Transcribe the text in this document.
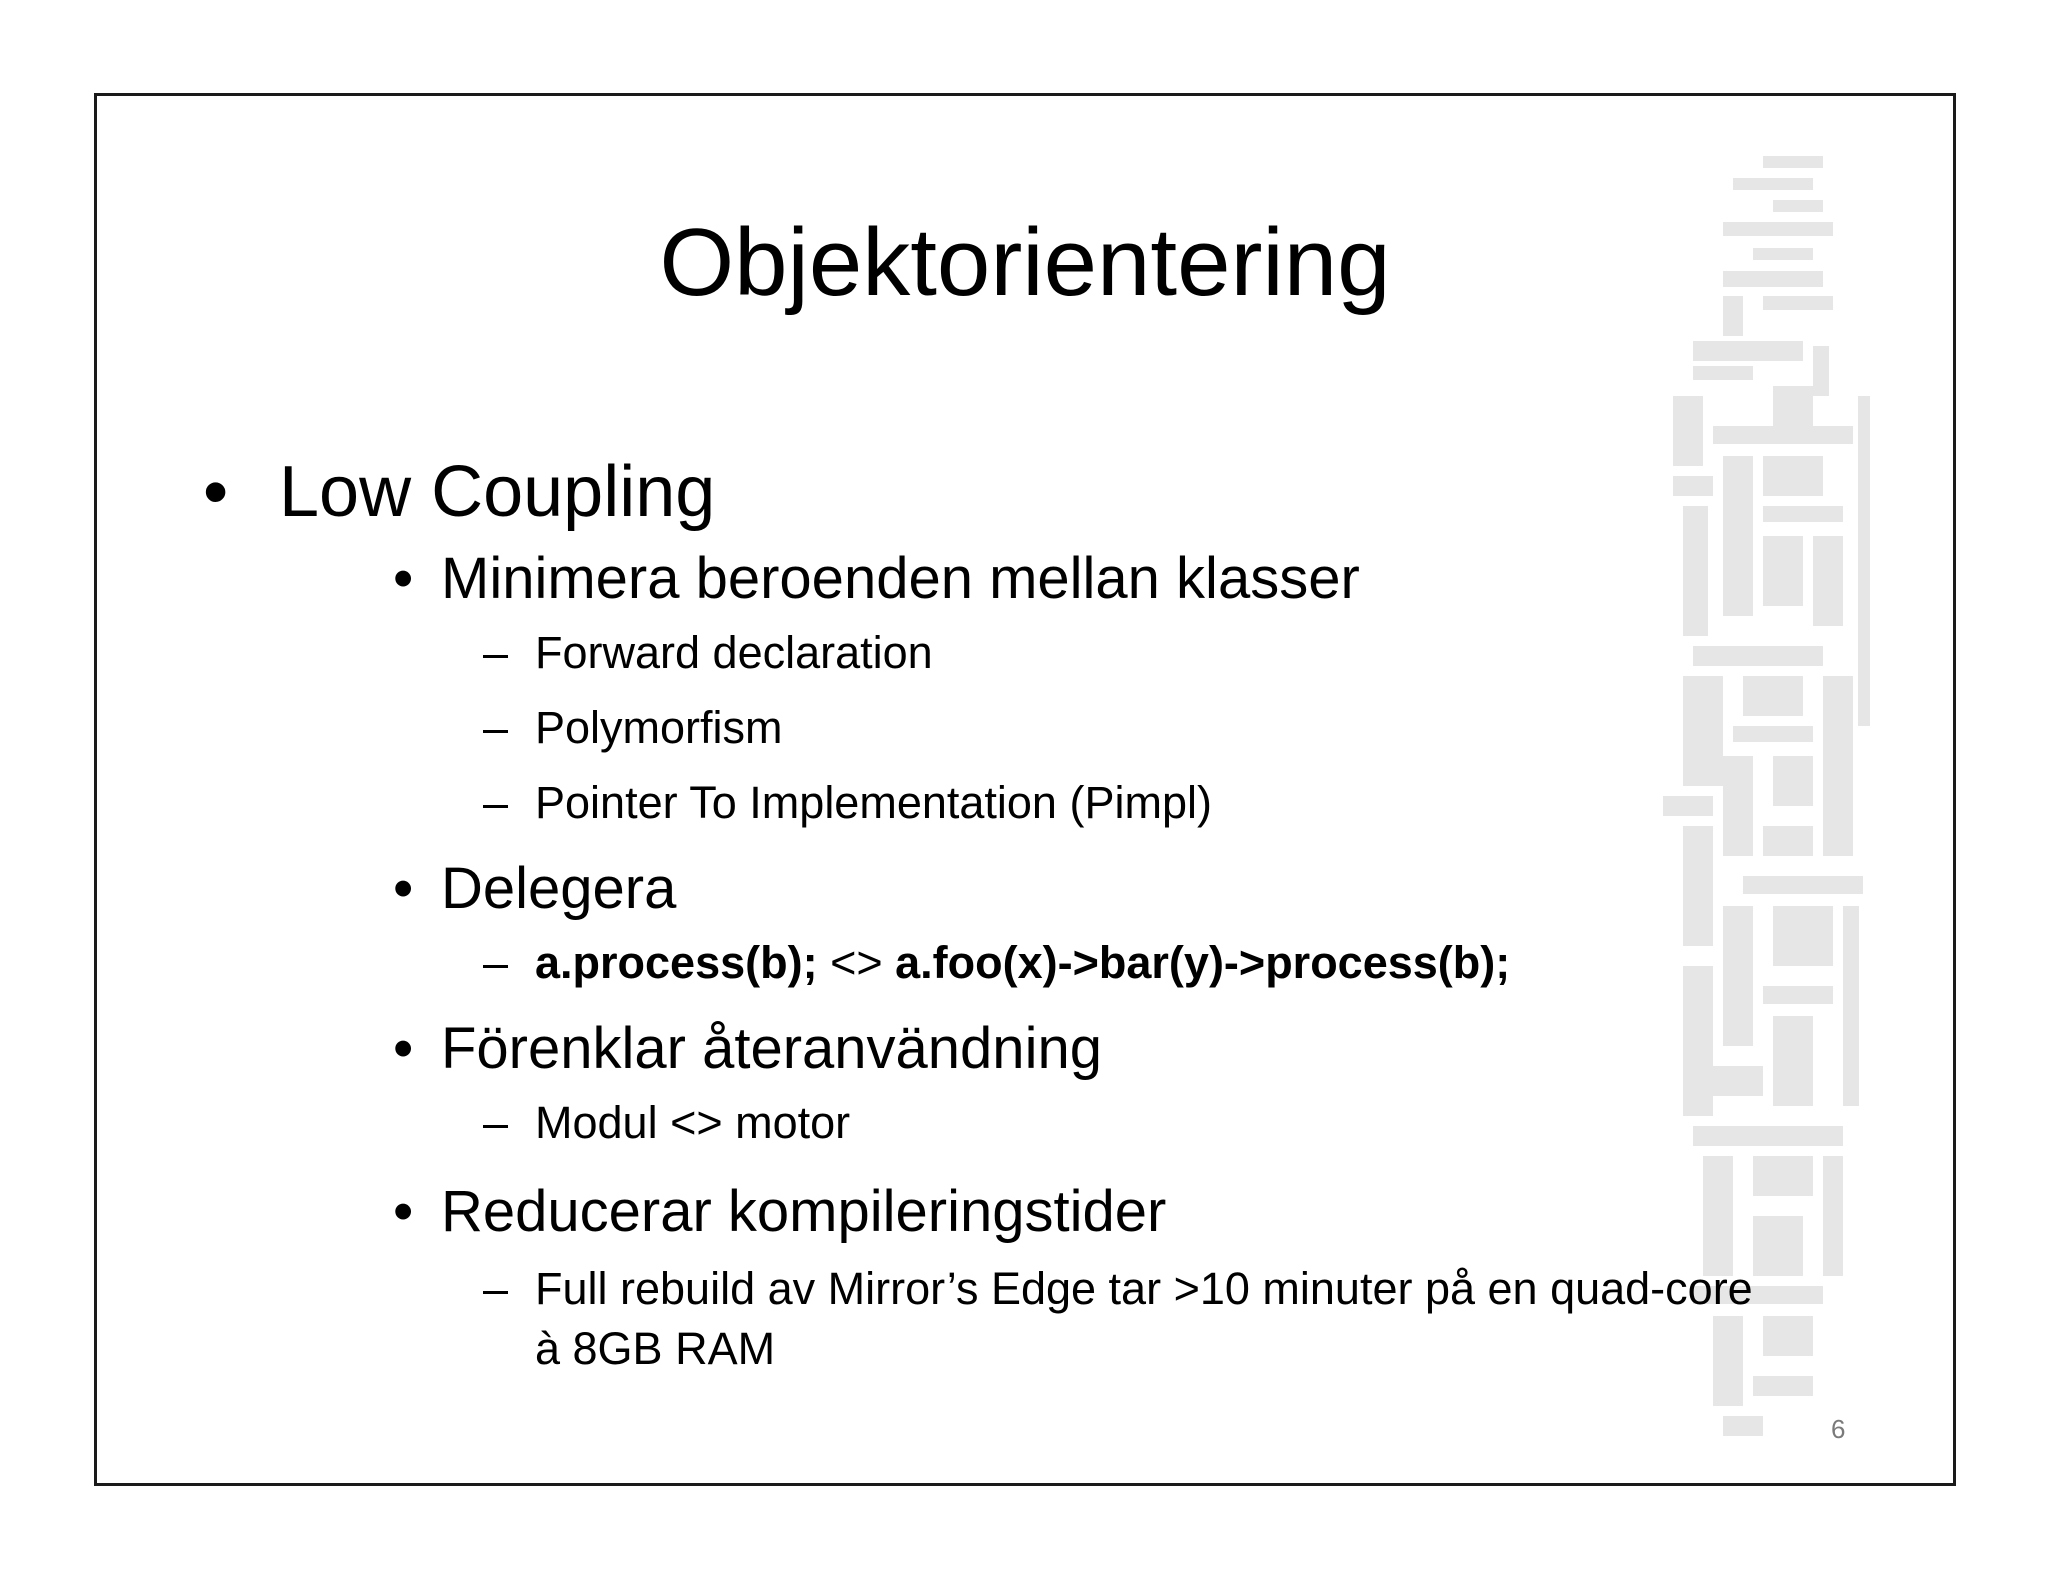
Objektorientering
• Low Coupling
• Minimera beroenden mellan klasser
– Forward declaration
– Polymorfism
– Pointer To Implementation (Pimpl)
• Delegera
– a.process(b); <> a.foo(x)->bar(y)->process(b);
• Förenklar återanvändning
– Modul <> motor
• Reducerar kompileringstider
– Full rebuild av Mirror’s Edge tar >10 minuter på en quad-core
à 8GB RAM
6
